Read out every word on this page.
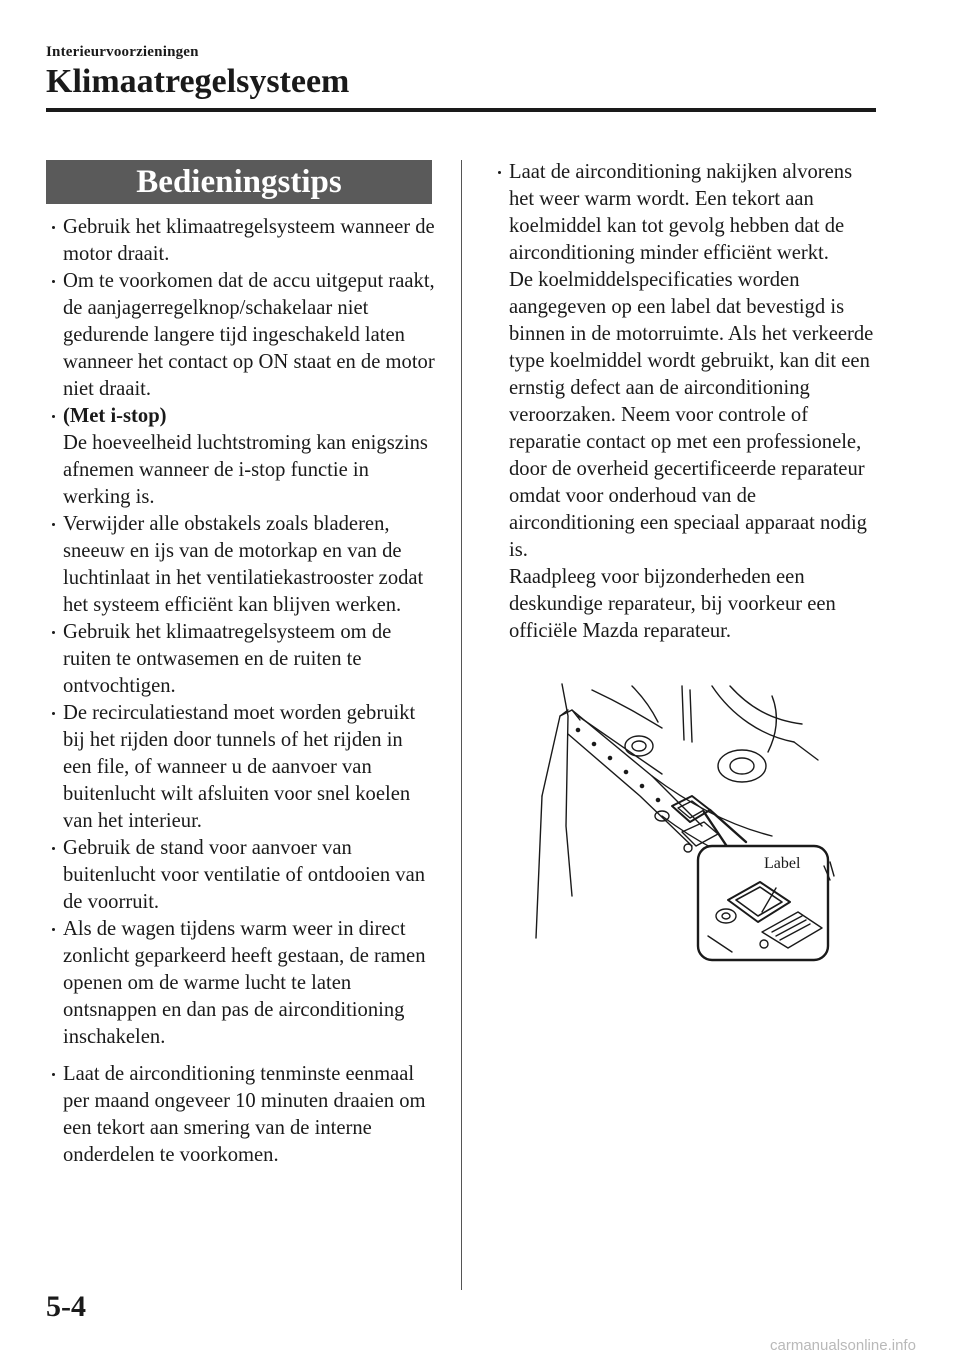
Interieurvoorzieningen
Klimaatregelsysteem
Bedieningstips
Gebruik het klimaatregelsysteem wanneer de motor draait.
Om te voorkomen dat de accu uitgeput raakt, de aanjagerregelknop/schakelaar niet gedurende langere tijd ingeschakeld laten wanneer het contact op ON staat en de motor niet draait.
(Met i-stop)
De hoeveelheid luchtstroming kan enigszins afnemen wanneer de i-stop functie in werking is.
Verwijder alle obstakels zoals bladeren, sneeuw en ijs van de motorkap en van de luchtinlaat in het ventilatiekastrooster zodat het systeem efficiënt kan blijven werken.
Gebruik het klimaatregelsysteem om de ruiten te ontwasemen en de ruiten te ontvochtigen.
De recirculatiestand moet worden gebruikt bij het rijden door tunnels of het rijden in een file, of wanneer u de aanvoer van buitenlucht wilt afsluiten voor snel koelen van het interieur.
Gebruik de stand voor aanvoer van buitenlucht voor ventilatie of ontdooien van de voorruit.
Als de wagen tijdens warm weer in direct zonlicht geparkeerd heeft gestaan, de ramen openen om de warme lucht te laten ontsnappen en dan pas de airconditioning inschakelen.
Laat de airconditioning tenminste eenmaal per maand ongeveer 10 minuten draaien om een tekort aan smering van de interne onderdelen te voorkomen.
Laat de airconditioning nakijken alvorens het weer warm wordt. Een tekort aan koelmiddel kan tot gevolg hebben dat de airconditioning minder efficiënt werkt.
De koelmiddelspecificaties worden aangegeven op een label dat bevestigd is binnen in de motorruimte. Als het verkeerde type koelmiddel wordt gebruikt, kan dit een ernstig defect aan de airconditioning veroorzaken. Neem voor controle of reparatie contact op met een professionele, door de overheid gecertificeerde reparateur omdat voor onderhoud van de airconditioning een speciaal apparaat nodig is.
Raadpleeg voor bijzonderheden een deskundige reparateur, bij voorkeur een officiële Mazda reparateur.
Label
5-4
carmanualsonline.info
